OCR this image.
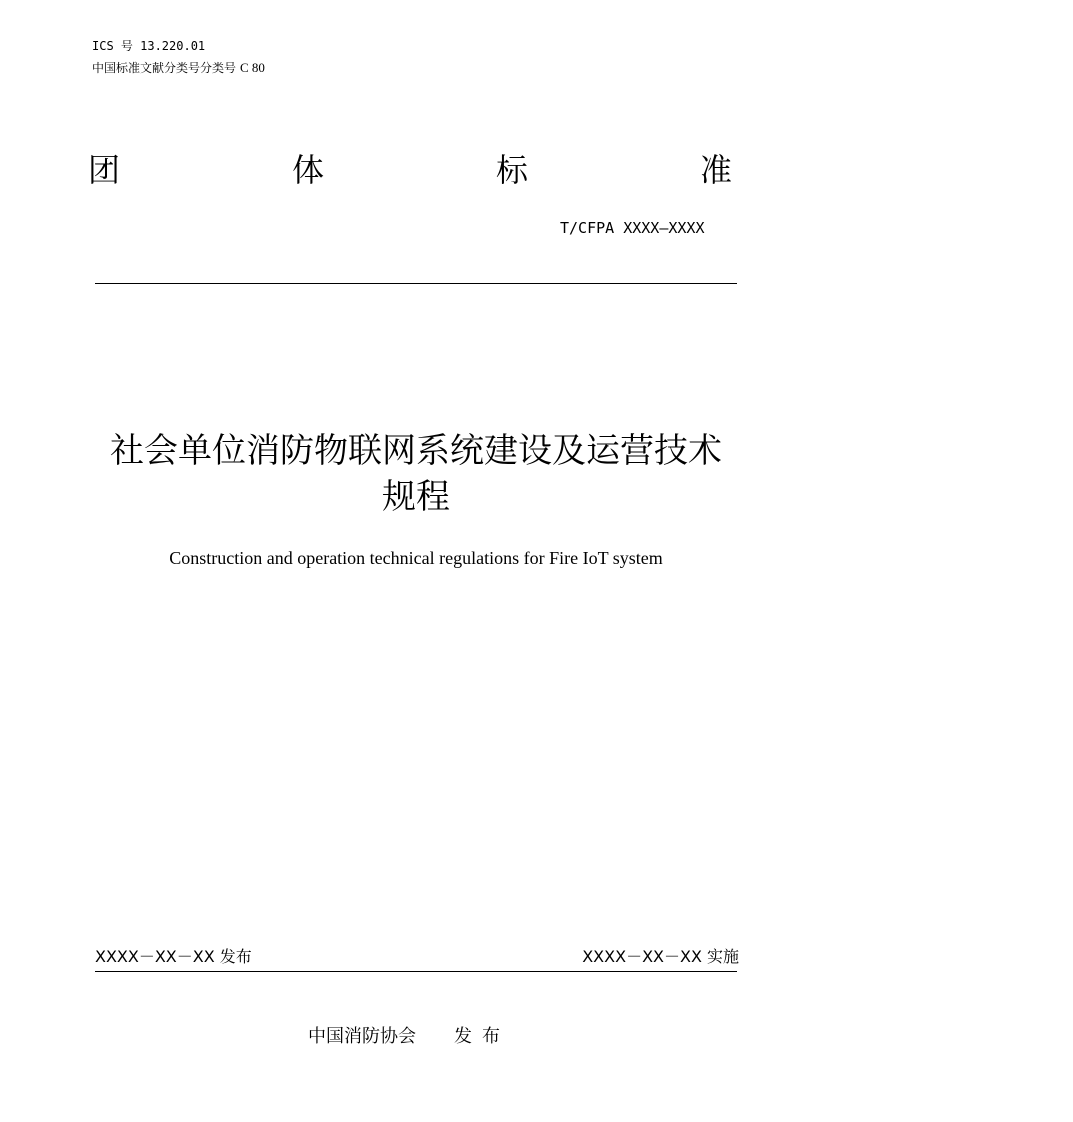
ICS 号 13.220.01
中国标准文献分类号分类号 C 80
团	体	标	准
T/CFPA XXXX—XXXX
社会单位消防物联网系统建设及运营技术
规程
Construction and operation technical regulations for Fire IoT system
XXXX－XX－XX 发布	XXXX－XX－XX 实施
中国消防协会 发布
